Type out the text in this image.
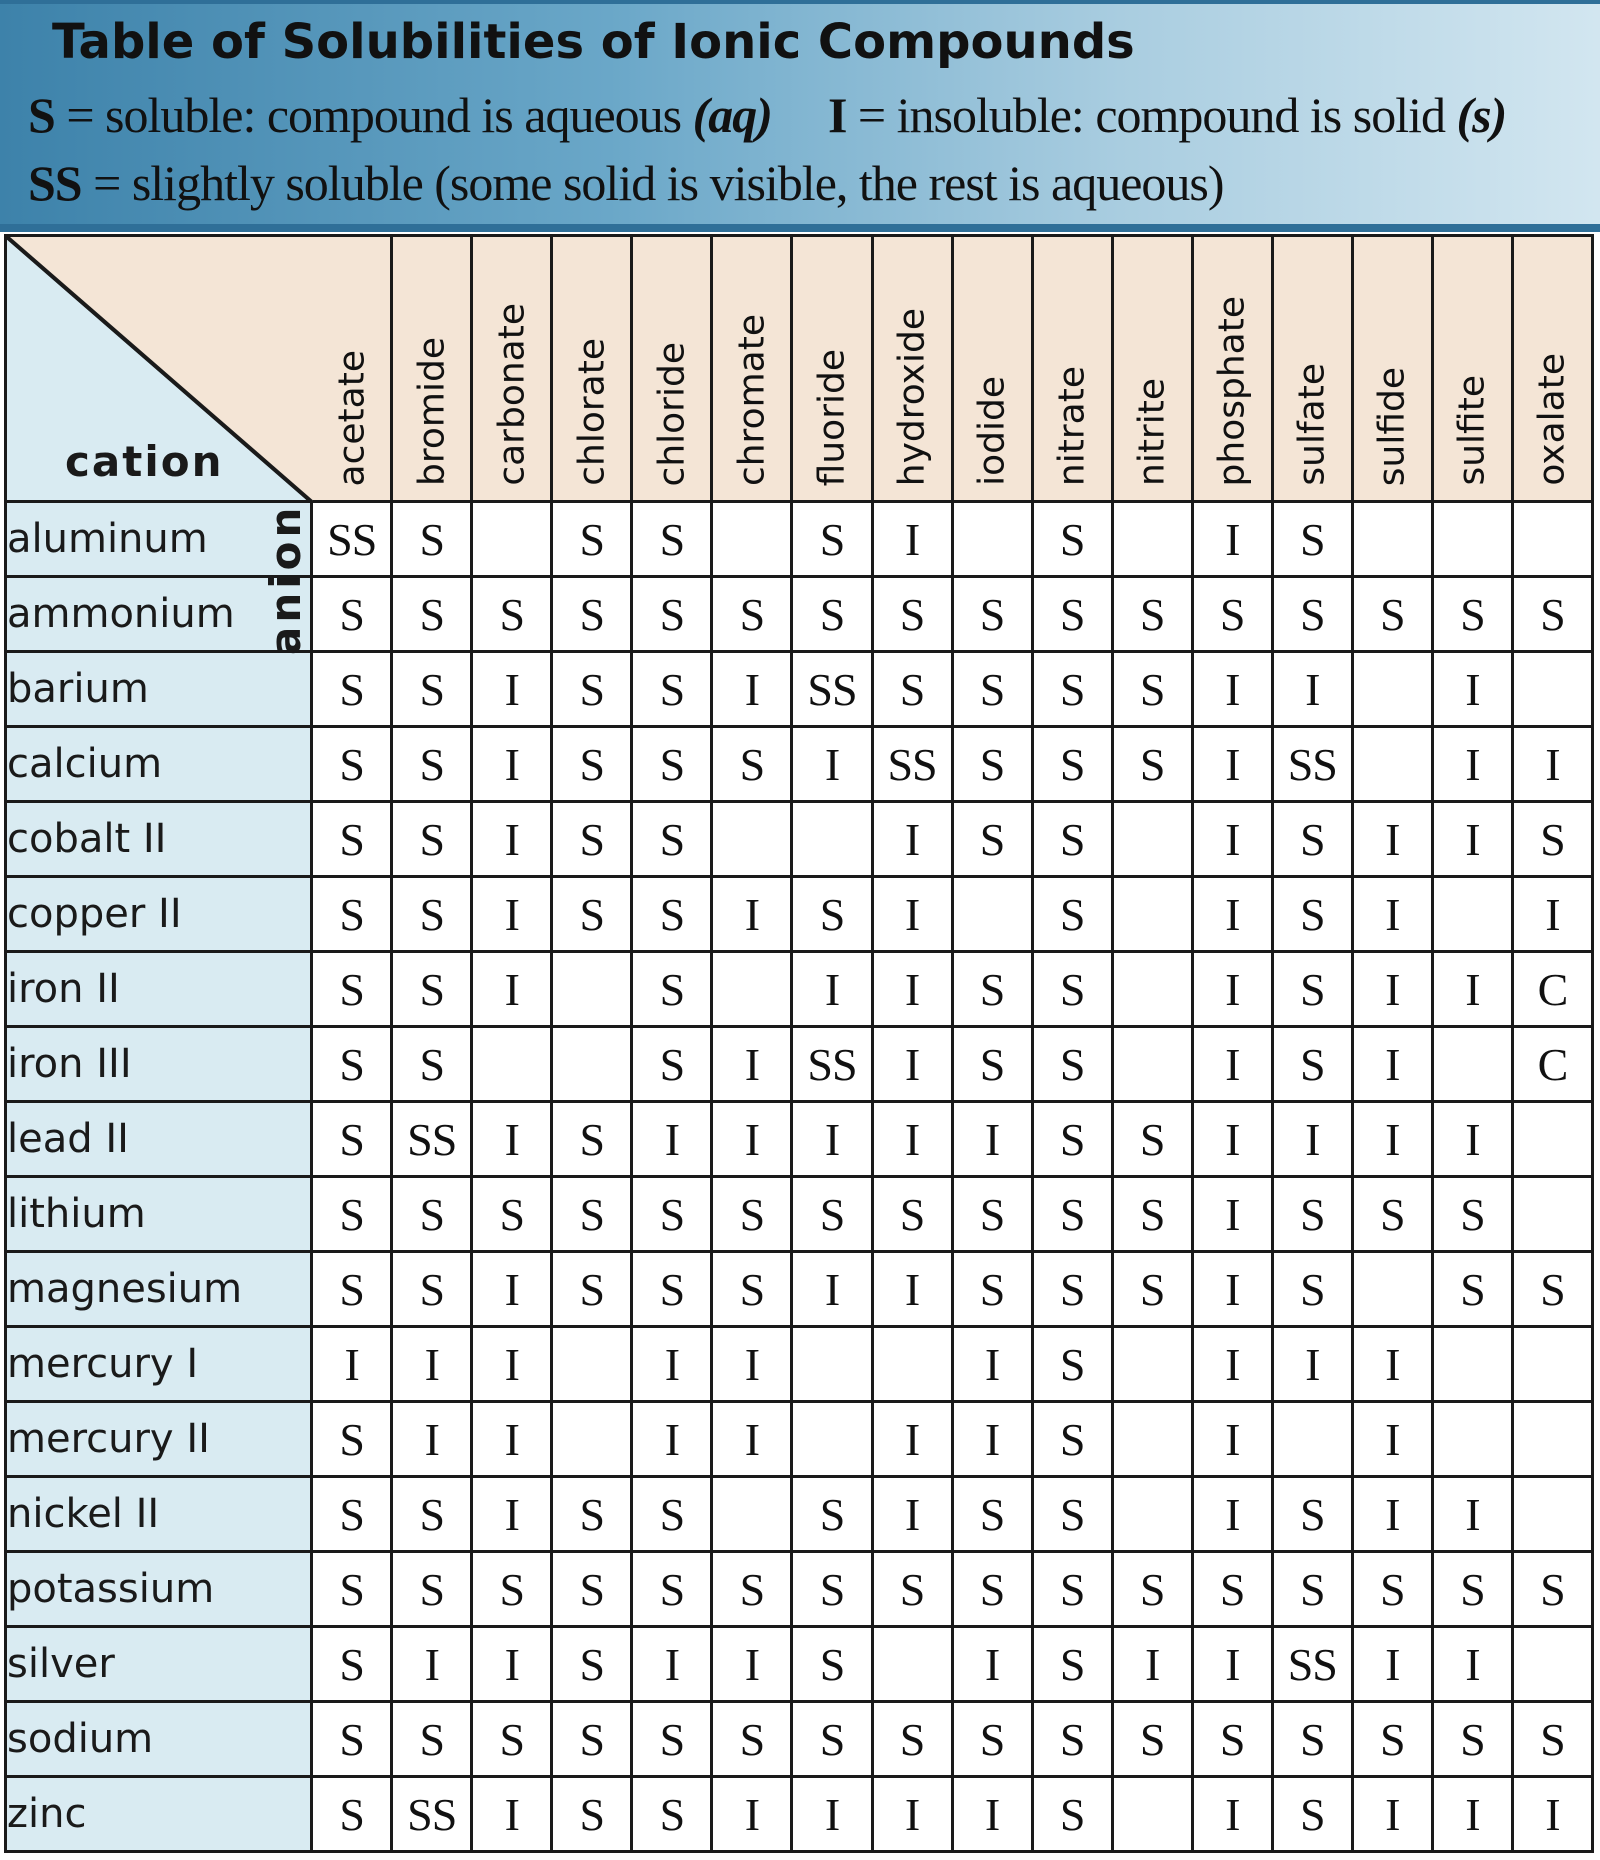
Table of Solubilities of Ionic Compounds
S = soluble: compound is aqueous (aq) I = insoluble: compound is solid (s)
SS = slightly soluble (some solid is visible, the rest is aqueous)
anion
cation	acetate	bromide	carbonate	chlorate	chloride	chromate	fluoride	hydroxide	iodide	nitrate	nitrite	phosphate	sulfate	sulfide	sulfite	oxalate

aluminum	SS	S		S	S		S	I		S		I	S			
ammonium	S	S	S	S	S	S	S	S	S	S	S	S	S	S	S	S
barium	S	S	I	S	S	I	SS	S	S	S	S	I	I		I	
calcium	S	S	I	S	S	S	I	SS	S	S	S	I	SS		I	I
cobalt II	S	S	I	S	S			I	S	S		I	S	I	I	S
copper II	S	S	I	S	S	I	S	I		S		I	S	I		I
iron II	S	S	I		S		I	I	S	S		I	S	I	I	C
iron III	S	S			S	I	SS	I	S	S		I	S	I		C
lead II	S	SS	I	S	I	I	I	I	I	S	S	I	I	I	I	
lithium	S	S	S	S	S	S	S	S	S	S	S	I	S	S	S	
magnesium	S	S	I	S	S	S	I	I	S	S	S	I	S		S	S
mercury I	I	I	I		I	I			I	S		I	I	I		
mercury II	S	I	I		I	I		I	I	S		I		I		
nickel II	S	S	I	S	S		S	I	S	S		I	S	I	I	
potassium	S	S	S	S	S	S	S	S	S	S	S	S	S	S	S	S
silver	S	I	I	S	I	I	S		I	S	I	I	SS	I	I	
sodium	S	S	S	S	S	S	S	S	S	S	S	S	S	S	S	S
zinc	S	SS	I	S	S	I	I	I	I	S		I	S	I	I	I
